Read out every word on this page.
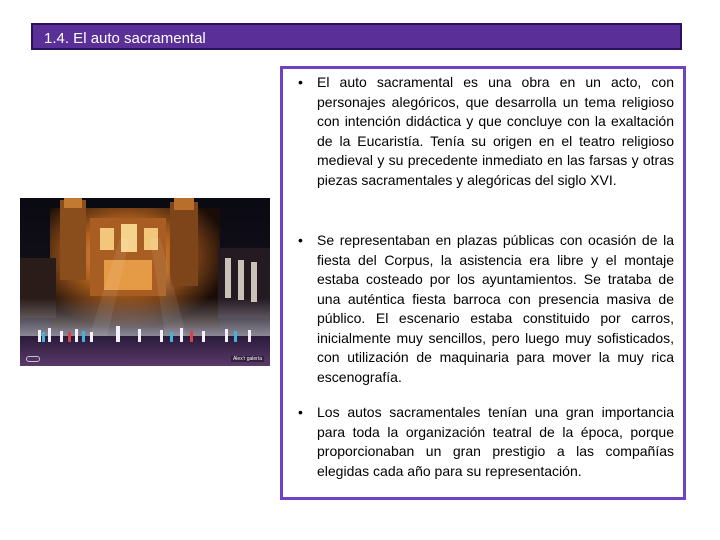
1.4. El auto sacramental
Alex'r galería
• El auto sacramental es una obra en un acto, con personajes alegóricos, que desarrolla un tema religioso con intención didáctica y que concluye con la exaltación de la Eucaristía. Tenía su origen en el teatro religioso medieval y su precedente inmediato en las farsas y otras piezas sacramentales y alegóricas del siglo XVI.

• Se representaban en plazas públicas con ocasión de la fiesta del Corpus, la asistencia era libre y el montaje estaba costeado por los ayuntamientos. Se trataba de una auténtica fiesta barroca con presencia masiva de público. El escenario estaba constituido por carros, inicialmente muy sencillos, pero luego muy sofisticados, con utilización de maquinaria para mover la muy rica escenografía.

• Los autos sacramentales tenían una gran importancia para toda la organización teatral de la época, porque proporcionaban un gran prestigio a las compañías elegidas cada año para su representación.
